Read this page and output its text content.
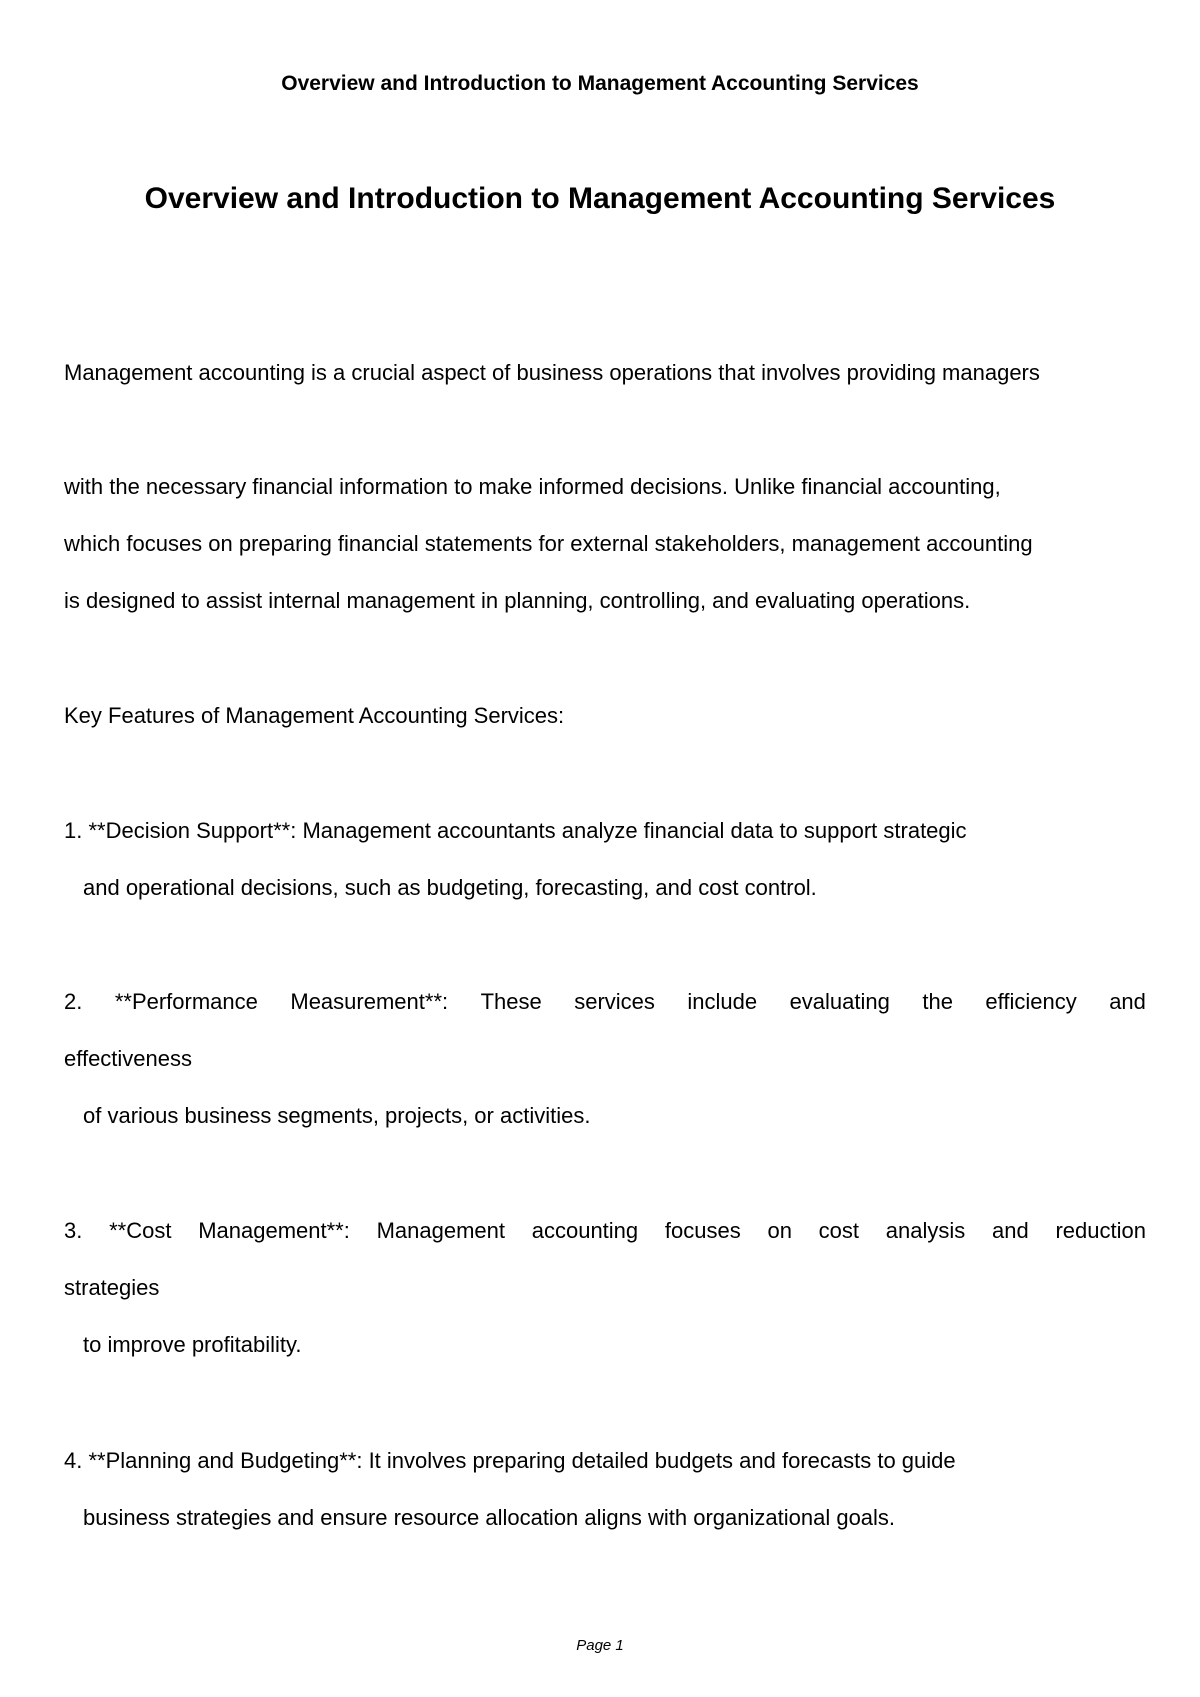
Overview and Introduction to Management Accounting Services
Overview and Introduction to Management Accounting Services
Management accounting is a crucial aspect of business operations that involves providing managers
with the necessary financial information to make informed decisions. Unlike financial accounting,
which focuses on preparing financial statements for external stakeholders, management accounting
is designed to assist internal management in planning, controlling, and evaluating operations.
Key Features of Management Accounting Services:
1. **Decision Support**: Management accountants analyze financial data to support strategic
and operational decisions, such as budgeting, forecasting, and cost control.
2. **Performance Measurement**: These services include evaluating the efficiency and
effectiveness
of various business segments, projects, or activities.
3. **Cost Management**: Management accounting focuses on cost analysis and reduction
strategies
to improve profitability.
4. **Planning and Budgeting**: It involves preparing detailed budgets and forecasts to guide
business strategies and ensure resource allocation aligns with organizational goals.
Page 1
